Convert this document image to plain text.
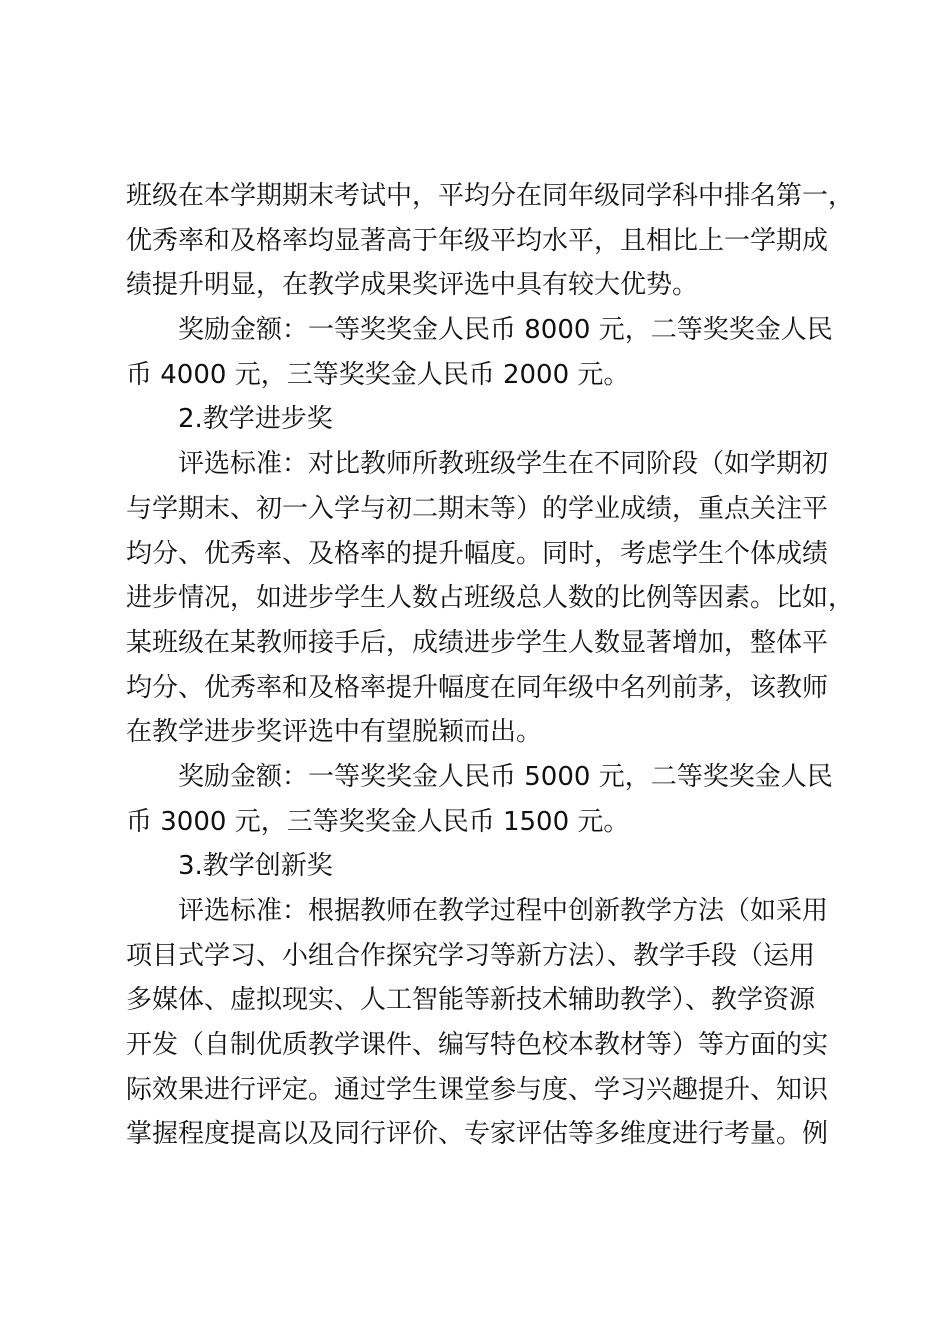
班级在本学期期末考试中，平均分在同年级同学科中排名第一，
优秀率和及格率均显著高于年级平均水平，且相比上一学期成
绩提升明显，在教学成果奖评选中具有较大优势。
奖励金额：一等奖奖金人民币 8000 元，二等奖奖金人民
币 4000 元，三等奖奖金人民币 2000 元。
2.教学进步奖
评选标准：对比教师所教班级学生在不同阶段（如学期初
与学期末、初一入学与初二期末等）的学业成绩，重点关注平
均分、优秀率、及格率的提升幅度。同时，考虑学生个体成绩
进步情况，如进步学生人数占班级总人数的比例等因素。比如，
某班级在某教师接手后，成绩进步学生人数显著增加，整体平
均分、优秀率和及格率提升幅度在同年级中名列前茅，该教师
在教学进步奖评选中有望脱颖而出。
奖励金额：一等奖奖金人民币 5000 元，二等奖奖金人民
币 3000 元，三等奖奖金人民币 1500 元。
3.教学创新奖
评选标准：根据教师在教学过程中创新教学方法（如采用
项目式学习、小组合作探究学习等新方法）、教学手段（运用
多媒体、虚拟现实、人工智能等新技术辅助教学）、教学资源
开发（自制优质教学课件、编写特色校本教材等）等方面的实
际效果进行评定。通过学生课堂参与度、学习兴趣提升、知识
掌握程度提高以及同行评价、专家评估等多维度进行考量。例
